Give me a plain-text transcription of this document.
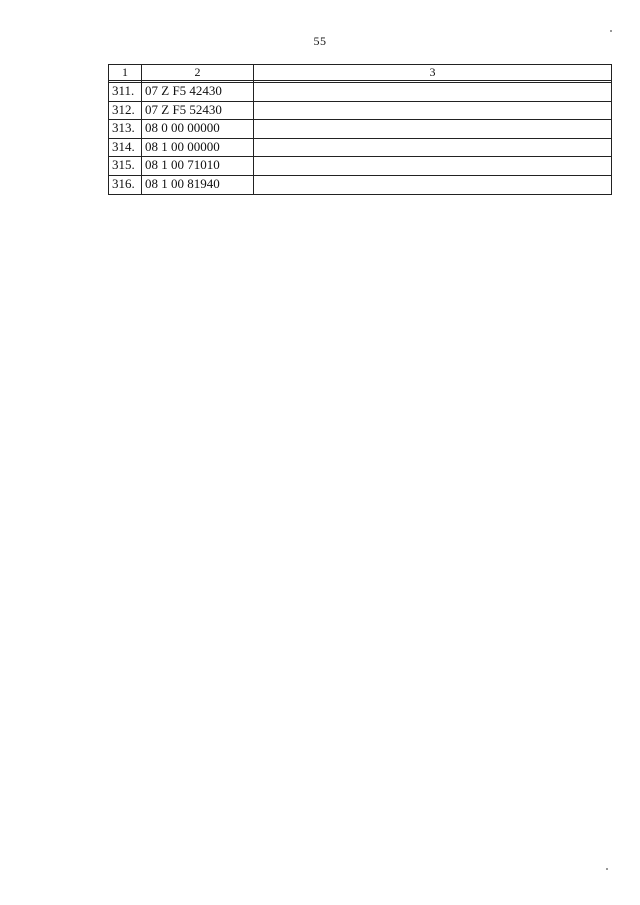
55
1	2	3

311.	07 Z F5 42430	
312.	07 Z F5 52430	
313.	08 0 00 00000	
314.	08 1 00 00000	
315.	08 1 00 71010	
316.	08 1 00 81940	
